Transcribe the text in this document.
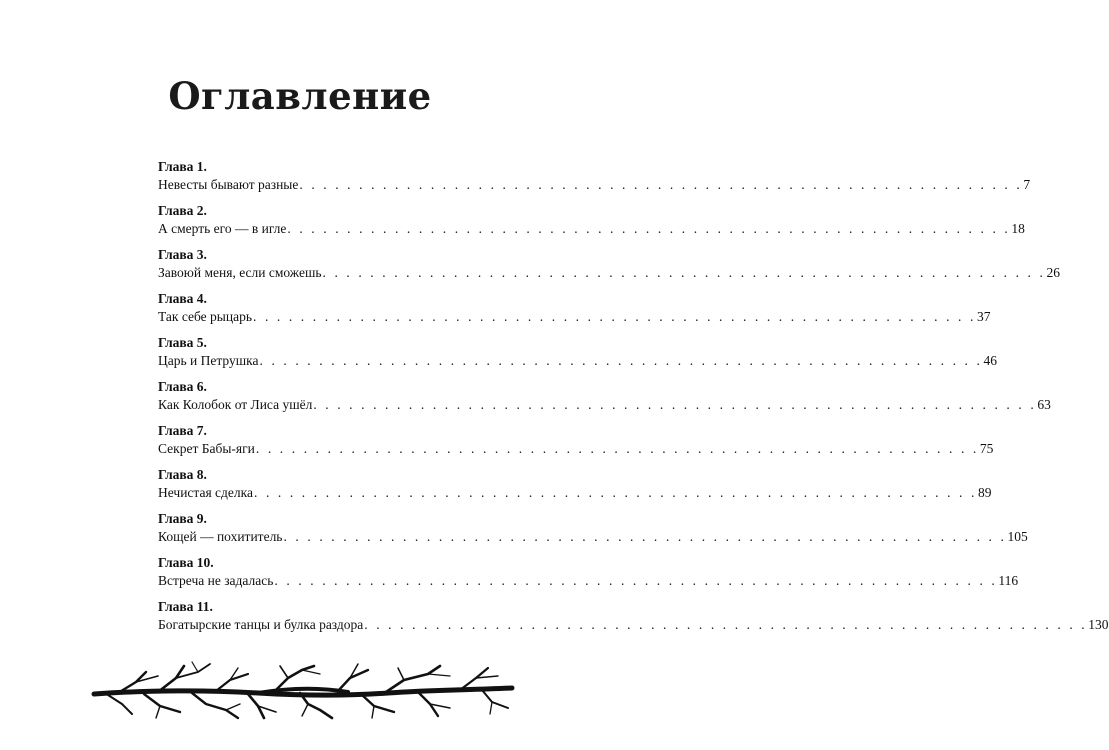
Оглавление
Глава 1.
Невесты бывают разные . . . . . . . . . . . . . . . . . . . . . . . . . . . . . . . . . . . . . . . . . . . . . . . . . . . . . . . . . . . . . 7
Глава 2.
А смерть его — в игле . . . . . . . . . . . . . . . . . . . . . . . . . . . . . . . . . . . . . . . . . . . . . . . . . . . . . . . . . . . . . 18
Глава 3.
Завоюй меня, если сможешь . . . . . . . . . . . . . . . . . . . . . . . . . . . . . . . . . . . . . . . . . . . . . . . . . . . . . . . . . . . . . 26
Глава 4.
Так себе рыцарь . . . . . . . . . . . . . . . . . . . . . . . . . . . . . . . . . . . . . . . . . . . . . . . . . . . . . . . . . . . . . 37
Глава 5.
Царь и Петрушка . . . . . . . . . . . . . . . . . . . . . . . . . . . . . . . . . . . . . . . . . . . . . . . . . . . . . . . . . . . . . 46
Глава 6.
Как Колобок от Лиса ушёл . . . . . . . . . . . . . . . . . . . . . . . . . . . . . . . . . . . . . . . . . . . . . . . . . . . . . . . . . . . . . 63
Глава 7.
Секрет Бабы-яги . . . . . . . . . . . . . . . . . . . . . . . . . . . . . . . . . . . . . . . . . . . . . . . . . . . . . . . . . . . . . 75
Глава 8.
Нечистая сделка . . . . . . . . . . . . . . . . . . . . . . . . . . . . . . . . . . . . . . . . . . . . . . . . . . . . . . . . . . . . . 89
Глава 9.
Кощей — похититель . . . . . . . . . . . . . . . . . . . . . . . . . . . . . . . . . . . . . . . . . . . . . . . . . . . . . . . . . . . . . 105
Глава 10.
Встреча не задалась . . . . . . . . . . . . . . . . . . . . . . . . . . . . . . . . . . . . . . . . . . . . . . . . . . . . . . . . . . . . . 116
Глава 11.
Богатырские танцы и булка раздора . . . . . . . . . . . . . . . . . . . . . . . . . . . . . . . . . . . . . . . . . . . . . . . . . . . . . . . . . . . . . 130
